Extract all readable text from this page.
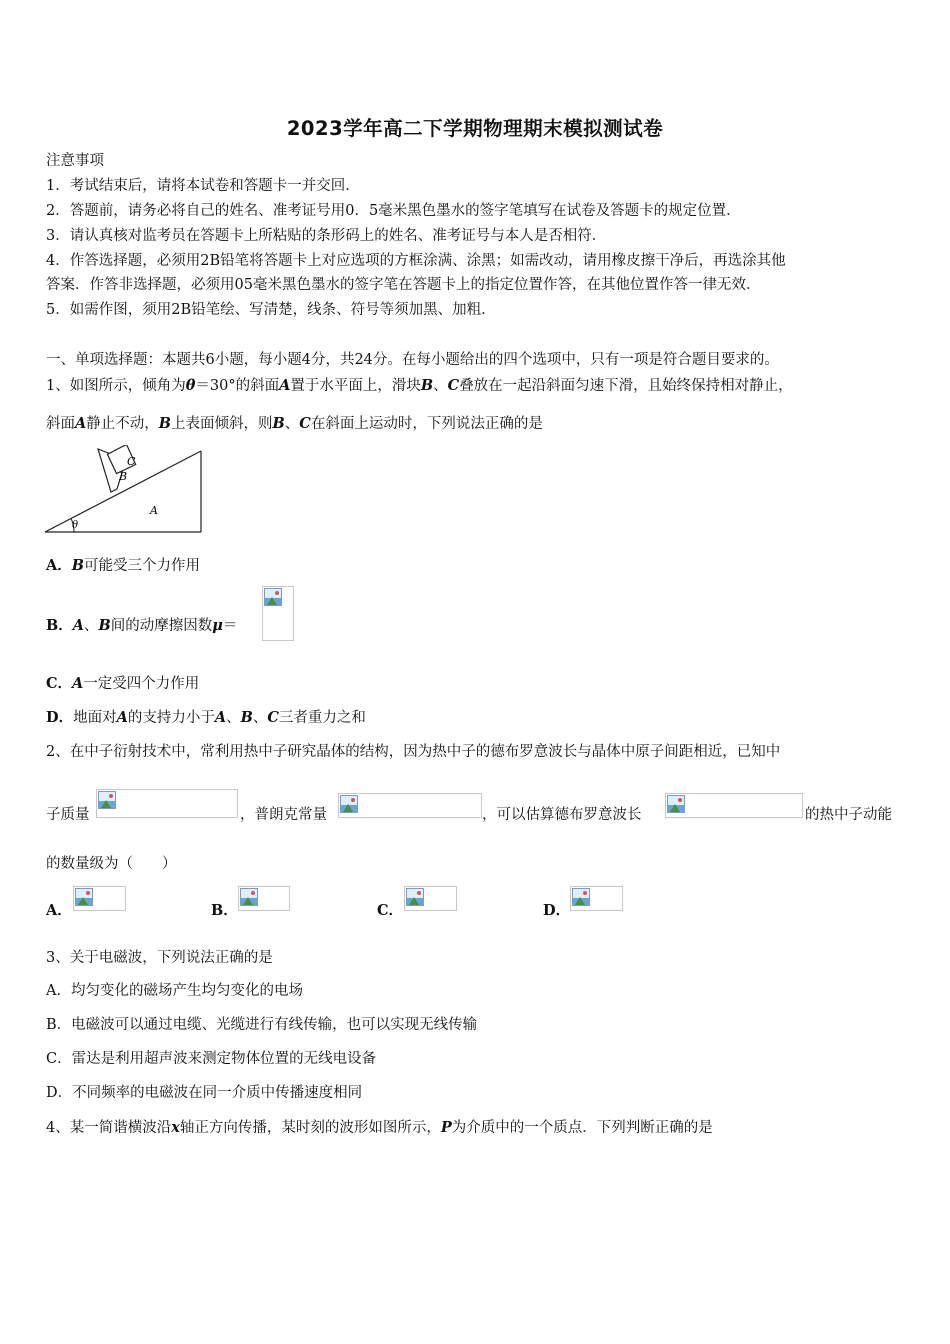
2023学年高二下学期物理期末模拟测试卷
注意事项
1．考试结束后，请将本试卷和答题卡一并交回．
2．答题前，请务必将自己的姓名、准考证号用0．5毫米黑色墨水的签字笔填写在试卷及答题卡的规定位置．
3．请认真核对监考员在答题卡上所粘贴的条形码上的姓名、准考证号与本人是否相符．
4．作答选择题，必须用2B铅笔将答题卡上对应选项的方框涂满、涂黑；如需改动，请用橡皮擦干净后，再选涂其他
答案．作答非选择题，必须用05毫米黑色墨水的签字笔在答题卡上的指定位置作答，在其他位置作答一律无效．
5．如需作图，须用2B铅笔绘、写清楚，线条、符号等须加黑、加粗．
一、单项选择题：本题共6小题，每小题4分，共24分。在每小题给出的四个选项中，只有一项是符合题目要求的。
1、如图所示，倾角为θ＝30°的斜面A置于水平面上，滑块B、C叠放在一起沿斜面匀速下滑，且始终保持相对静止，
斜面A静止不动，B上表面倾斜，则B、C在斜面上运动时，下列说法正确的是
C
B
A
θ
A．B可能受三个力作用
B．A、B间的动摩擦因数μ＝
C．A一定受四个力作用
D．地面对A的支持力小于A、B、C三者重力之和
2、在中子衍射技术中，常利用热中子研究晶体的结构，因为热中子的德布罗意波长与晶体中原子间距相近，已知中
子质量	，普朗克常量	，可以估算德布罗意波长	的热中子动能
的数量级为（　　）
A．	B．	C．	D．
3、关于电磁波，下列说法正确的是
A．均匀变化的磁场产生均匀变化的电场
B．电磁波可以通过电缆、光缆进行有线传输，也可以实现无线传输
C．雷达是利用超声波来测定物体位置的无线电设备
D．不同频率的电磁波在同一介质中传播速度相同
4、某一简谐横波沿x轴正方向传播，某时刻的波形如图所示，P为介质中的一个质点．下列判断正确的是
